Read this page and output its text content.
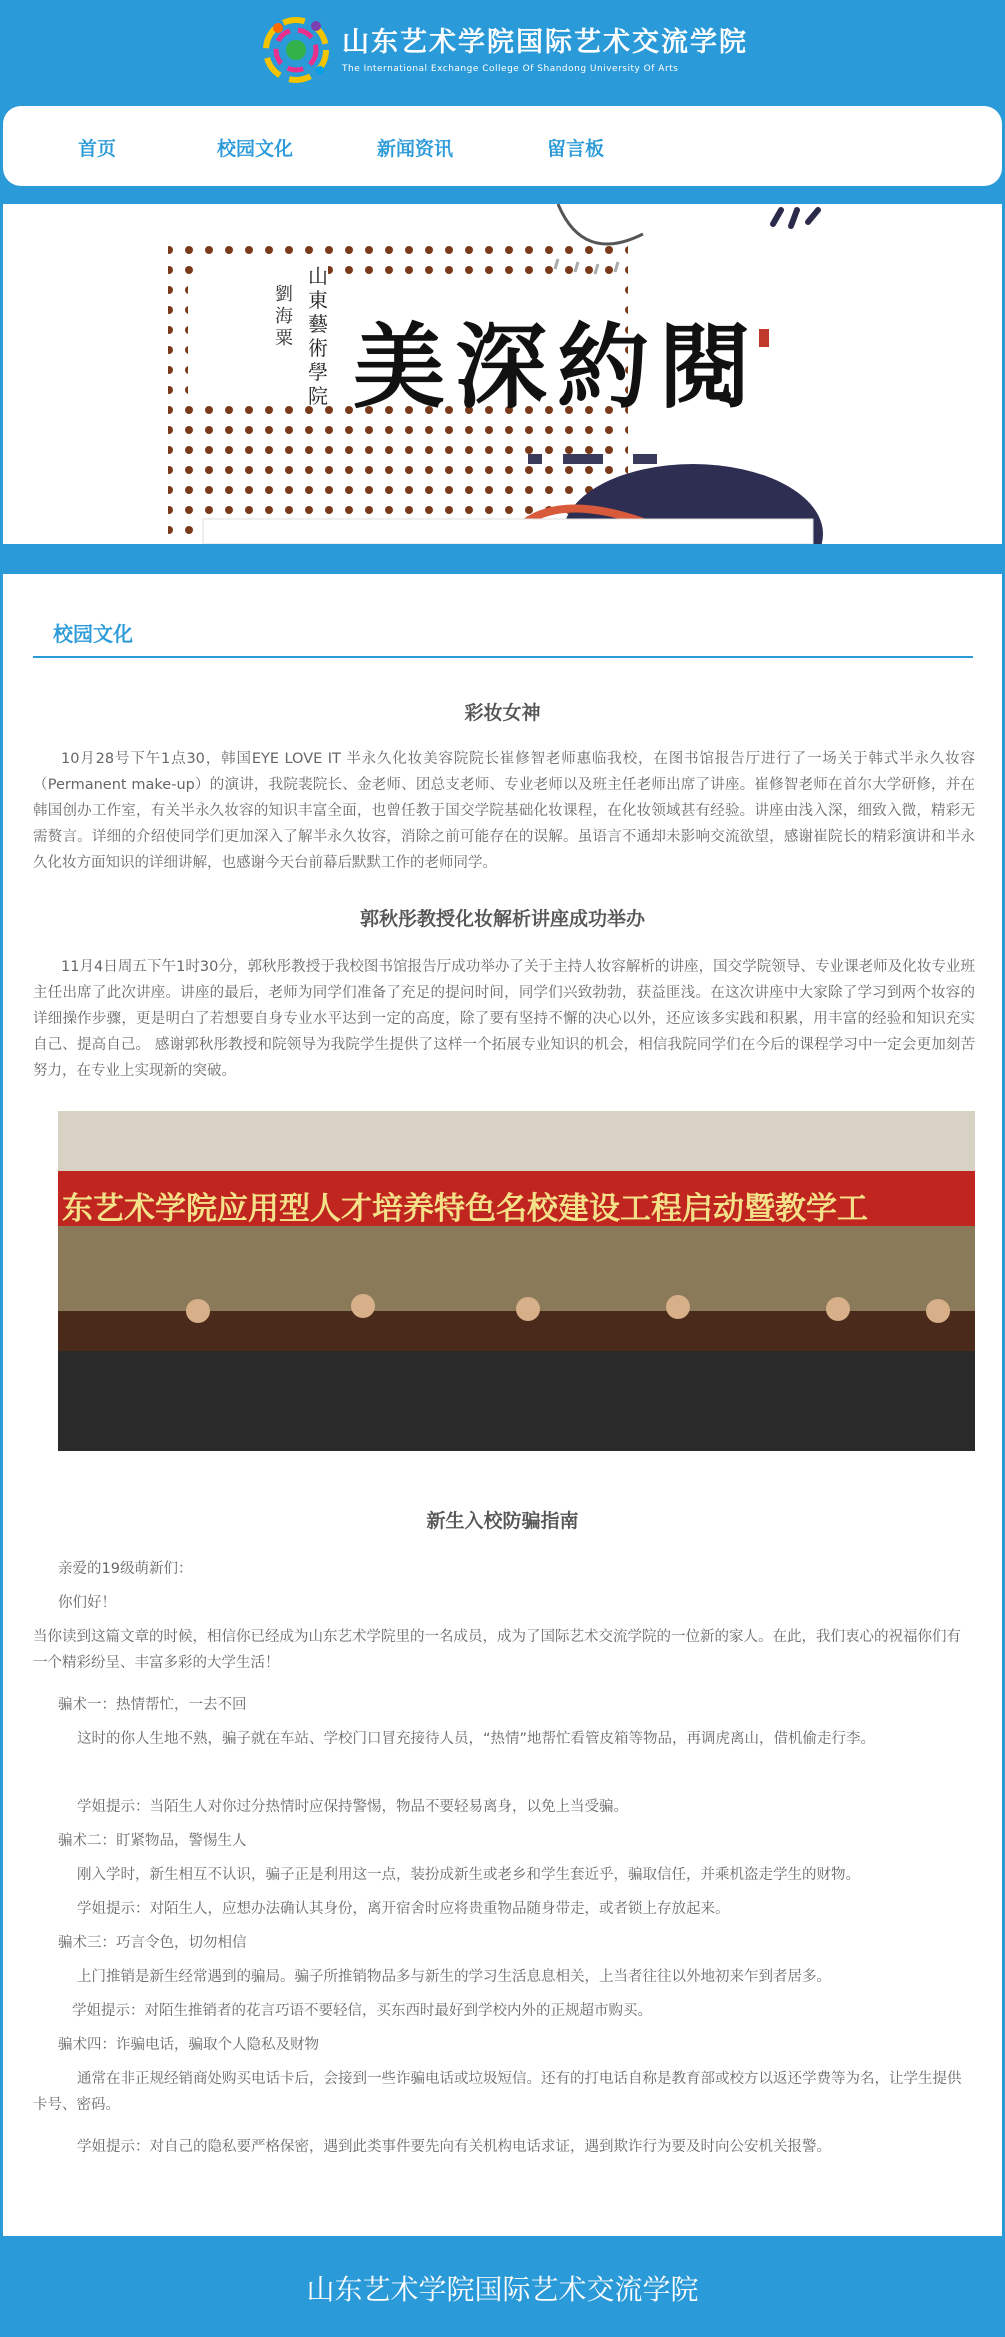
山东艺术学院国际艺术交流学院
The International Exchange College Of Shandong University Of Arts
首页	校园文化	新闻资讯	留言板
美深約閱
山東藝術學院
劉海粟
校园文化
彩妆女神
10月28号下午1点30，韩国EYE LOVE IT 半永久化妆美容院院长崔修智老师惠临我校，在图书馆报告厅进行了一场关于韩式半永久妆容（Permanent make-up）的演讲，我院裴院长、金老师、团总支老师、专业老师以及班主任老师出席了讲座。崔修智老师在首尔大学研修，并在韩国创办工作室，有关半永久妆容的知识丰富全面，也曾任教于国交学院基础化妆课程，在化妆领域甚有经验。讲座由浅入深，细致入微，精彩无需赘言。详细的介绍使同学们更加深入了解半永久妆容，消除之前可能存在的误解。虽语言不通却未影响交流欲望，感谢崔院长的精彩演讲和半永久化妆方面知识的详细讲解，也感谢今天台前幕后默默工作的老师同学。
郭秋彤教授化妆解析讲座成功举办
11月4日周五下午1时30分，郭秋彤教授于我校图书馆报告厅成功举办了关于主持人妆容解析的讲座，国交学院领导、专业课老师及化妆专业班主任出席了此次讲座。讲座的最后，老师为同学们准备了充足的提问时间，同学们兴致勃勃，获益匪浅。在这次讲座中大家除了学习到两个妆容的详细操作步骤，更是明白了若想要自身专业水平达到一定的高度，除了要有坚持不懈的决心以外，还应该多实践和积累，用丰富的经验和知识充实自己、提高自己。 感谢郭秋彤教授和院领导为我院学生提供了这样一个拓展专业知识的机会，相信我院同学们在今后的课程学习中一定会更加刻苦努力，在专业上实现新的突破。
东艺术学院应用型人才培养特色名校建设工程启动暨教学工
新生入校防骗指南
亲爱的19级萌新们：
你们好！
当你读到这篇文章的时候，相信你已经成为山东艺术学院里的一名成员，成为了国际艺术交流学院的一位新的家人。在此，我们衷心的祝福你们有一个精彩纷呈、丰富多彩的大学生活！
骗术一：热情帮忙，一去不回
这时的你人生地不熟，骗子就在车站、学校门口冒充接待人员，“热情”地帮忙看管皮箱等物品，再调虎离山，借机偷走行李。
学姐提示：当陌生人对你过分热情时应保持警惕，物品不要轻易离身，以免上当受骗。
骗术二：盯紧物品，警惕生人
刚入学时，新生相互不认识，骗子正是利用这一点，装扮成新生或老乡和学生套近乎，骗取信任，并乘机盗走学生的财物。
学姐提示：对陌生人，应想办法确认其身份，离开宿舍时应将贵重物品随身带走，或者锁上存放起来。
骗术三：巧言令色，切勿相信
上门推销是新生经常遇到的骗局。骗子所推销物品多与新生的学习生活息息相关，上当者往往以外地初来乍到者居多。
学姐提示：对陌生推销者的花言巧语不要轻信，买东西时最好到学校内外的正规超市购买。
骗术四：诈骗电话，骗取个人隐私及财物
通常在非正规经销商处购买电话卡后，会接到一些诈骗电话或垃圾短信。还有的打电话自称是教育部或校方以返还学费等为名，让学生提供卡号、密码。
学姐提示：对自己的隐私要严格保密，遇到此类事件要先向有关机构电话求证，遇到欺诈行为要及时向公安机关报警。
山东艺术学院国际艺术交流学院
